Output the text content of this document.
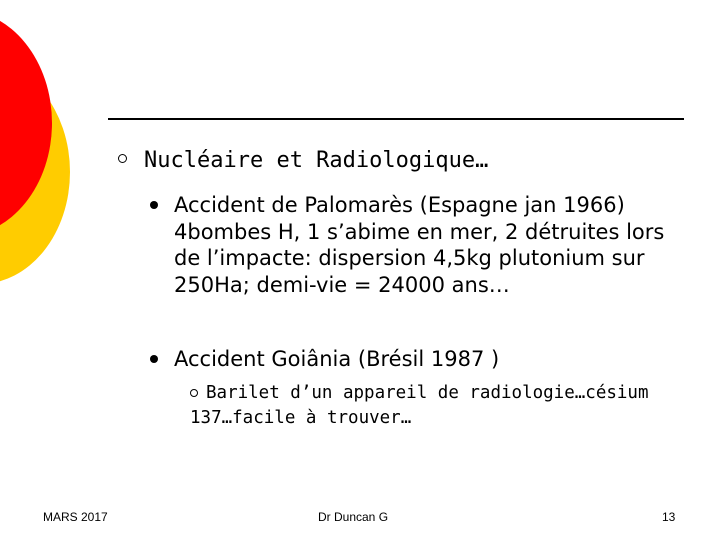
Nucléaire et Radiologique…
Accident de Palomarès (Espagne jan 1966) 4bombes H, 1 s’abime en mer, 2 détruites lors de l’impacte: dispersion 4,5kg plutonium sur 250Ha; demi-vie = 24000 ans…
Accident Goiânia (Brésil 1987 )
Barilet d’un appareil de radiologie…césium 137…facile à trouver…
MARS 2017	Dr Duncan G	13
